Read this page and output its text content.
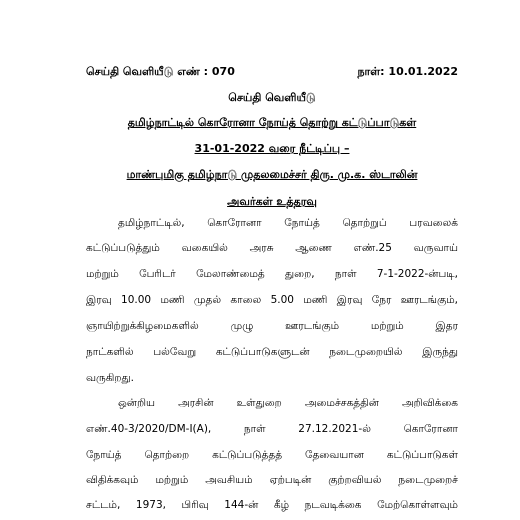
செய்தி வெளியீடு எண் : 070	நாள்: 10.01.2022
செய்தி வெளியீடு
தமிழ்நாட்டில் கொரோனா நோய்த் தொற்று கட்டுப்பாடுகள்
31-01-2022 வரை நீட்டிப்பு –
மாண்புமிகு தமிழ்நாடு முதலமைச்சர் திரு. மு.க. ஸ்டாலின்
அவர்கள் உத்தரவு
தமிழ்நாட்டில், கொரோனா நோய்த் தொற்றுப் பரவலைக்
கட்டுப்படுத்தும் வகையில் அரசு ஆணை எண்.25 வருவாய்
மற்றும் பேரிடர் மேலாண்மைத் துறை, நாள் 7-1-2022-ன்படி,
இரவு 10.00 மணி முதல் காலை 5.00 மணி இரவு நேர ஊரடங்கும்,
ஞாயிற்றுக்கிழமைகளில் முழு ஊரடங்கும் மற்றும் இதர
நாட்களில் பல்வேறு கட்டுப்பாடுகளுடன் நடைமுறையில் இருந்து
வருகிறது.
ஒன்றிய அரசின் உள்துறை அமைச்சகத்தின் அறிவிக்கை
எண்.40-3/2020/DM-I(A), நாள் 27.12.2021-ல் கொரோனா
நோய்த் தொற்றை கட்டுப்படுத்தத் தேவையான கட்டுப்பாடுகள்
விதிக்கவும் மற்றும் அவசியம் ஏற்படின் குற்றவியல் நடைமுறைச்
சட்டம், 1973, பிரிவு 144-ன் கீழ் நடவடிக்கை மேற்கொள்ளவும்
